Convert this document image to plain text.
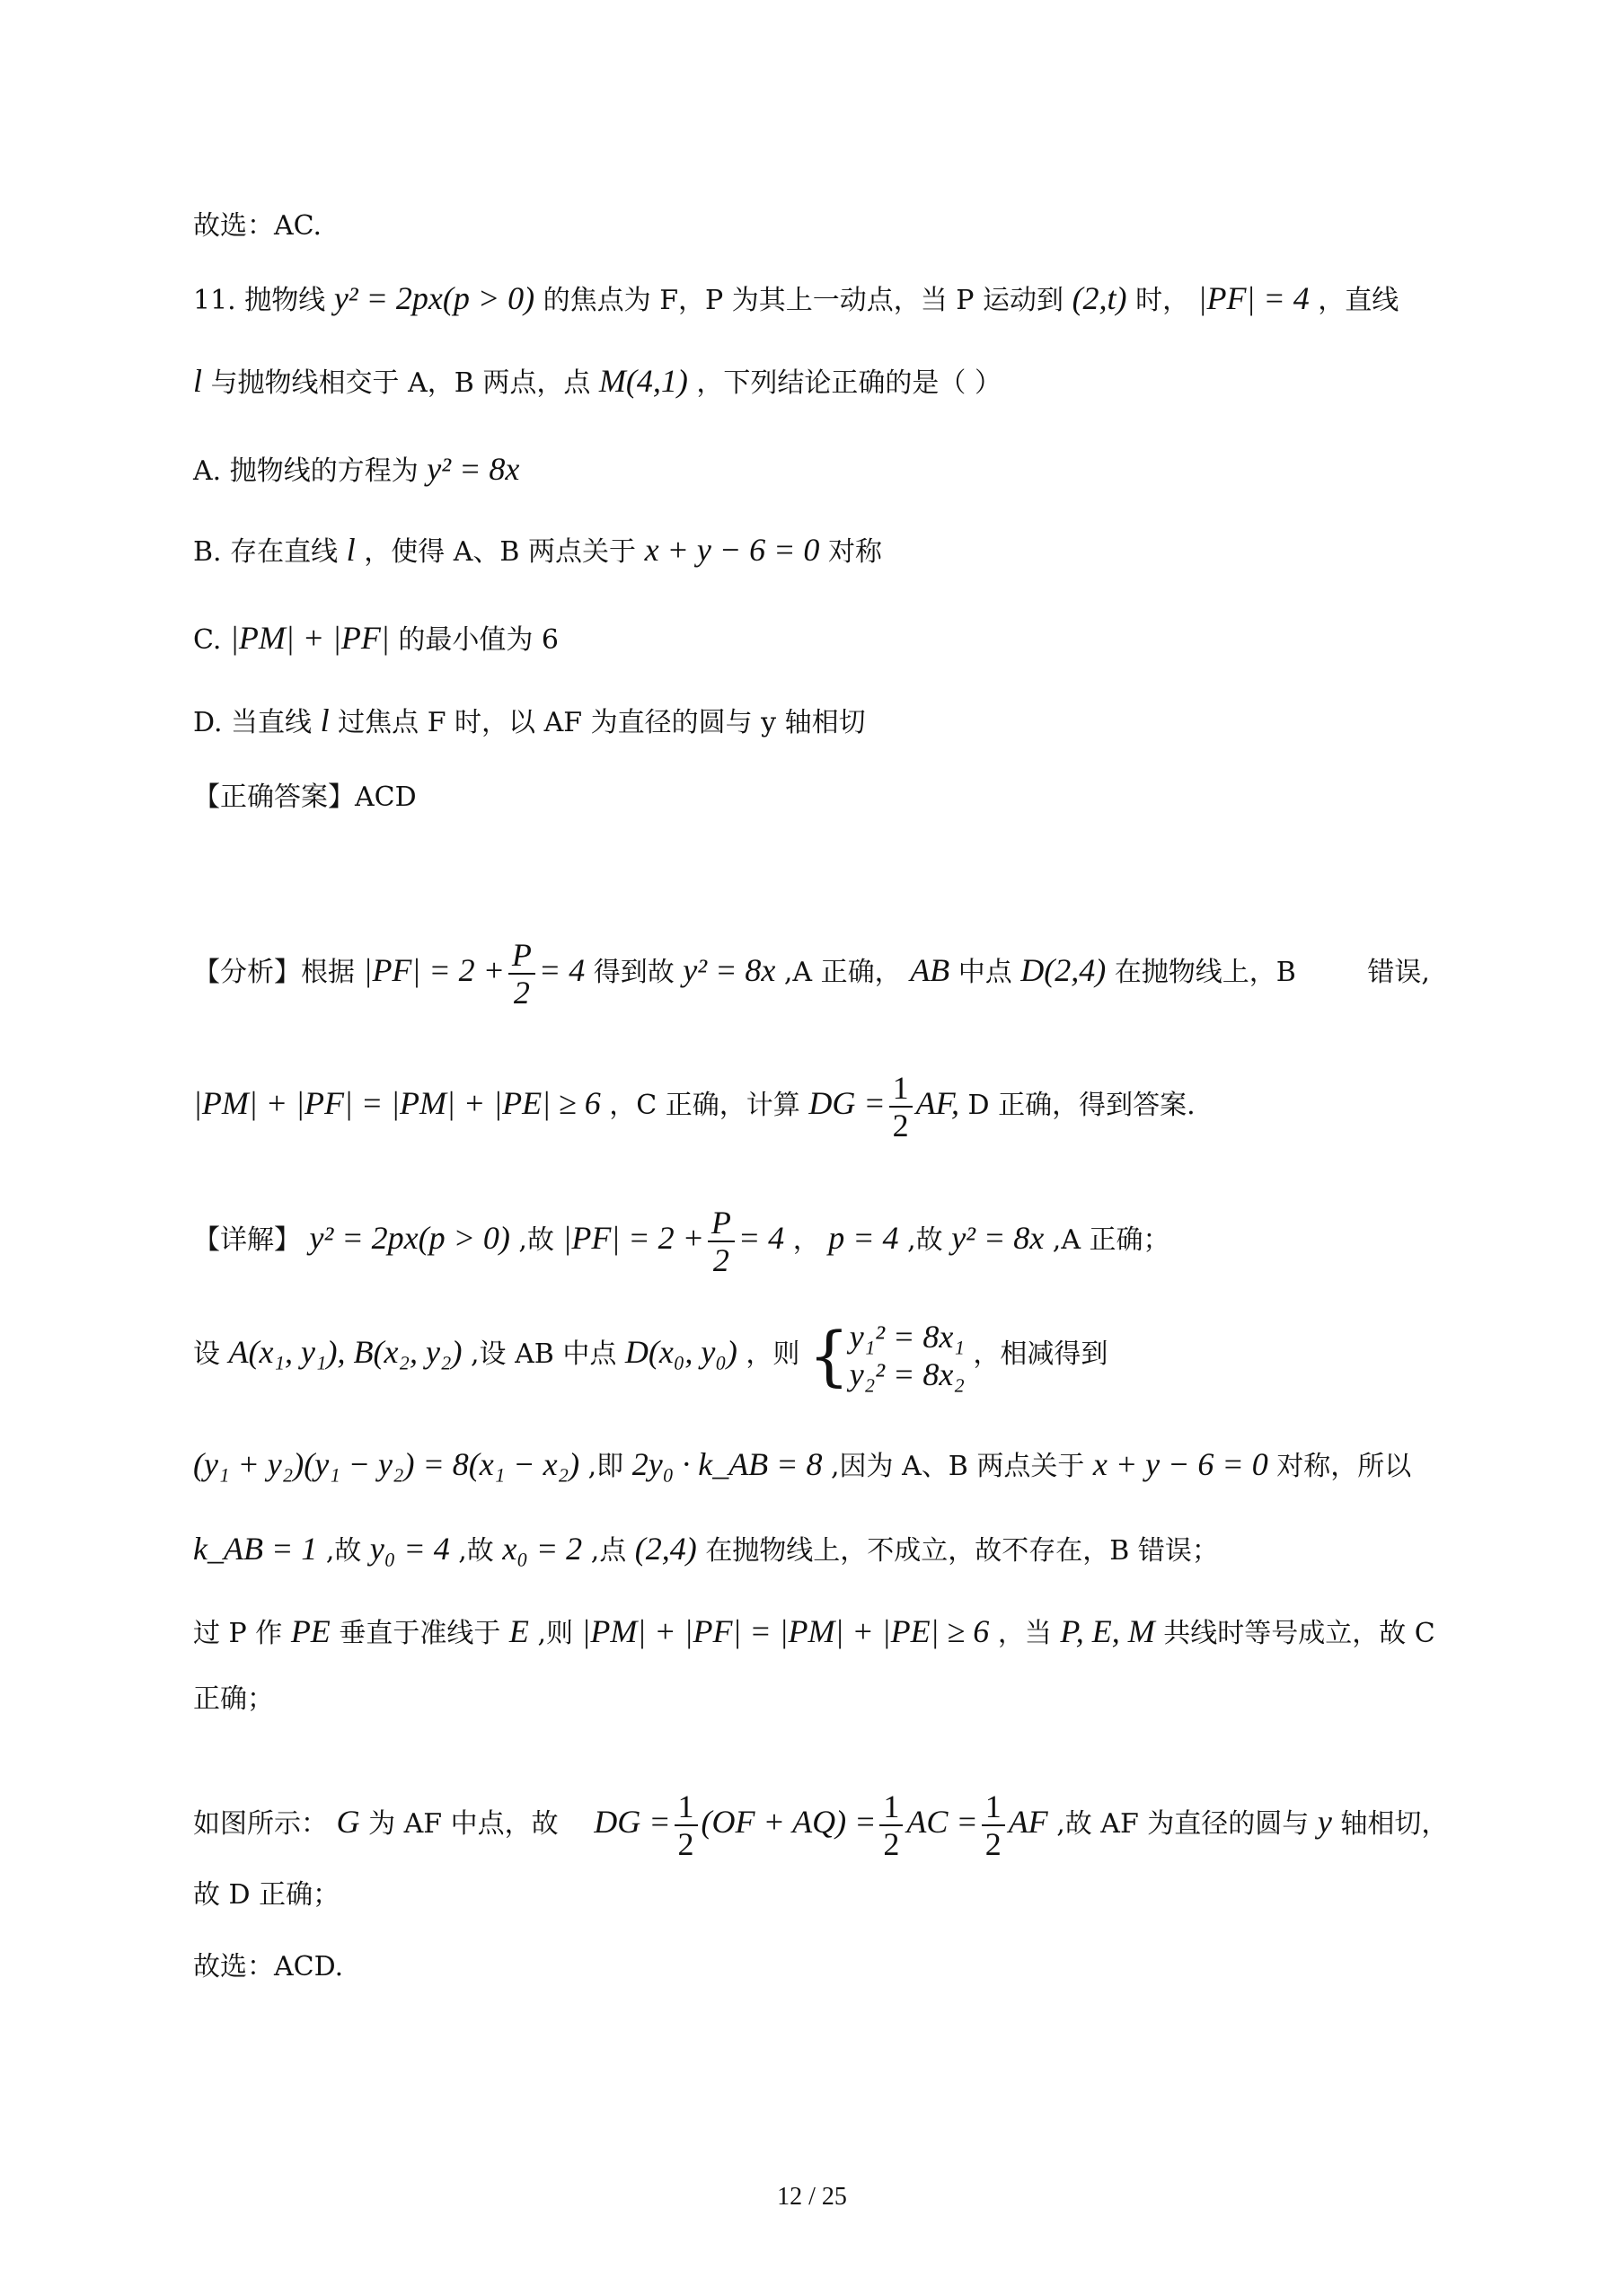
故选：AC.
11. 抛物线 y² = 2px(p > 0) 的焦点为 F，P 为其上一动点，当 P 运动到 (2,t) 时， |PF| = 4 ，直线
l 与抛物线相交于 A，B 两点，点 M(4,1) ，下列结论正确的是（ ）
A. 抛物线的方程为 y² = 8x
B. 存在直线 l ，使得 A、B 两点关于 x + y − 6 = 0 对称
C. |PM| + |PF| 的最小值为 6
D. 当直线 l 过焦点 F 时，以 AF 为直径的圆与 y 轴相切
【正确答案】ACD
【分析】根据 $|PF| = 2 + \frac{P}{2} = 4$ 得到故 y² = 8x ,A 正确， AB 中点 D(2,4) 在抛物线上，B	错误,
|PM| + |PF| = |PM| + |PE| ≥ 6 ，C 正确，计算 DG = $\frac{1}{2}$ AF, D 正确，得到答案.
【详解】 y² = 2px(p > 0) ,故 $|PF| = 2 + \frac{P}{2} = 4$ ， p = 4 ,故 y² = 8x ,A 正确；
设 A(x₁, y₁), B(x₂, y₂) ,设 AB 中点 D(x₀, y₀) ，则 { y₁² = 8x₁
y₂² = 8x₂
，相减得到
(y₁ + y₂)(y₁ − y₂) = 8(x₁ − x₂) ,即 2y₀ · k_AB = 8 ,因为 A、B 两点关于 x + y − 6 = 0 对称，所以
k_AB = 1 ,故 y₀ = 4 ,故 x₀ = 2 ,点 (2,4) 在抛物线上，不成立，故不存在，B 错误；
过 P 作 PE 垂直于准线于 E ,则 |PM| + |PF| = |PM| + |PE| ≥ 6 ，当 P, E, M 共线时等号成立，故 C
正确；
如图所示： G 为 AF 中点，故 DG = $\frac{1}{2} (OF + AQ) = \frac{1}{2}$ AC = $\frac{1}{2}$ AF ,故 AF 为直径的圆与 y 轴相切，
故 D 正确；
故选：ACD.
12 / 25
